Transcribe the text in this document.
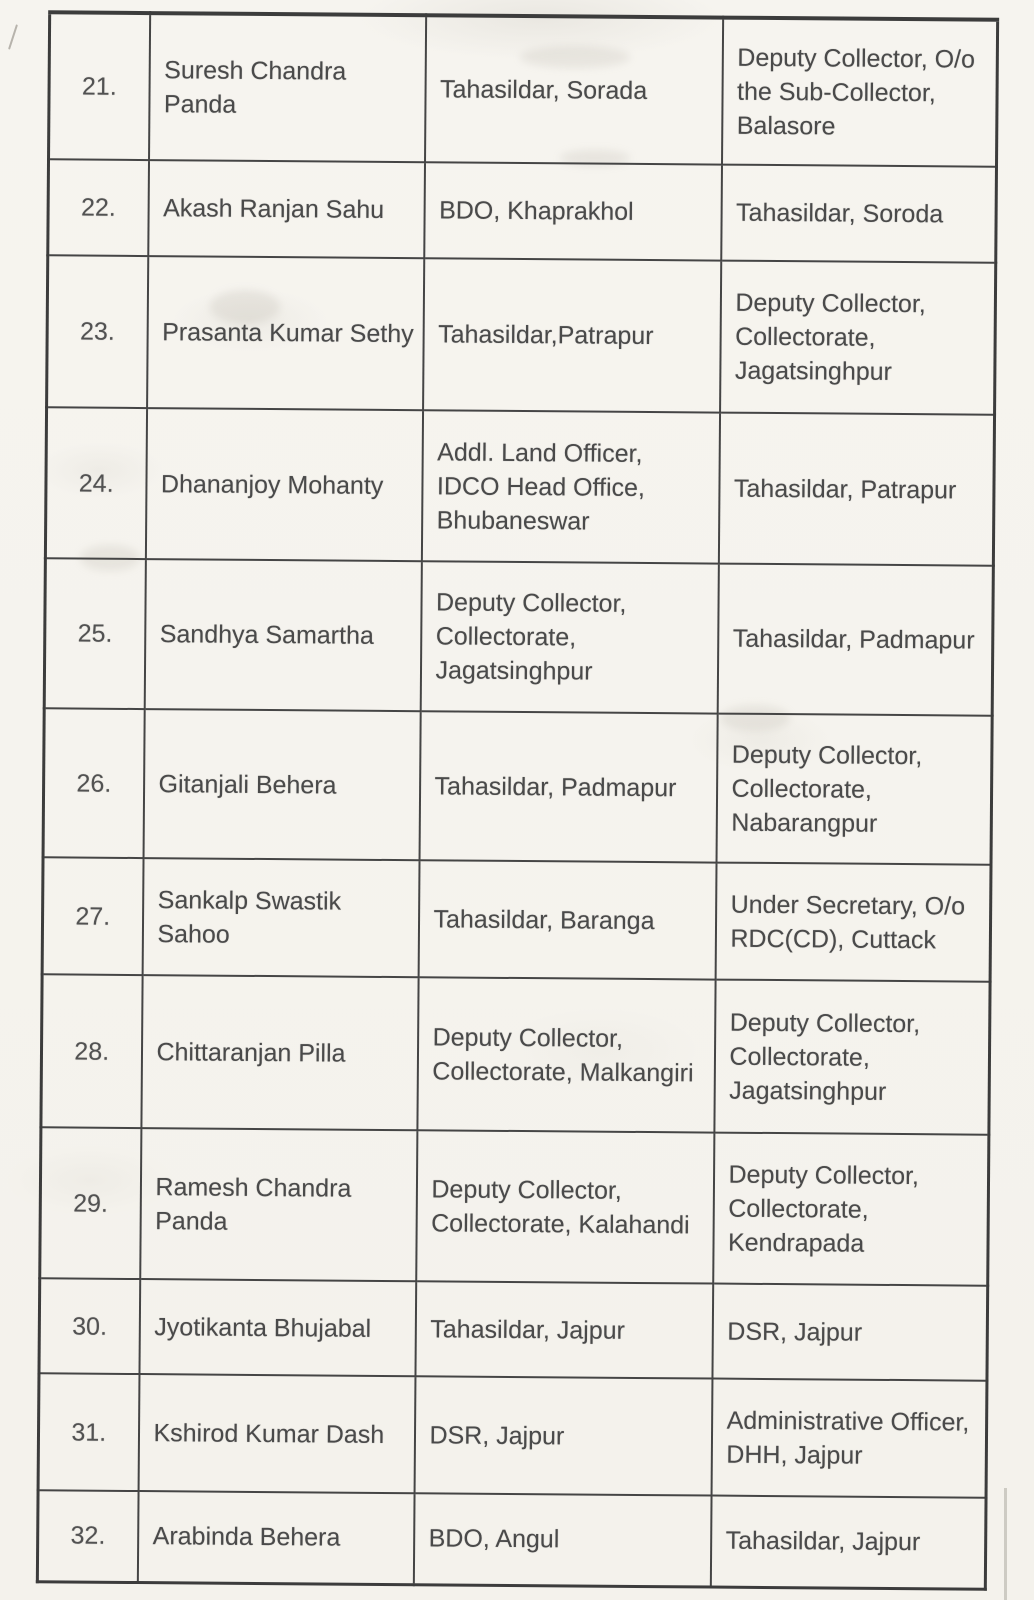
21.	Suresh Chandra
Panda	Tahasildar, Sorada	Deputy Collector, O/o
the Sub-Collector,
Balasore
22.	Akash Ranjan Sahu	BDO, Khaprakhol	Tahasildar, Soroda
23.	Prasanta Kumar Sethy	Tahasildar,Patrapur	Deputy Collector,
Collectorate,
Jagatsinghpur
24.	Dhananjoy Mohanty	Addl. Land Officer,
IDCO Head Office,
Bhubaneswar	Tahasildar, Patrapur
25.	Sandhya Samartha	Deputy Collector,
Collectorate,
Jagatsinghpur	Tahasildar, Padmapur
26.	Gitanjali Behera	Tahasildar, Padmapur	Deputy Collector,
Collectorate,
Nabarangpur
27.	Sankalp Swastik
Sahoo	Tahasildar, Baranga	Under Secretary, O/o
RDC(CD), Cuttack
28.	Chittaranjan Pilla	Deputy Collector,
Collectorate, Malkangiri	Deputy Collector,
Collectorate,
Jagatsinghpur
29.	Ramesh Chandra
Panda	Deputy Collector,
Collectorate, Kalahandi	Deputy Collector,
Collectorate,
Kendrapada
30.	Jyotikanta Bhujabal	Tahasildar, Jajpur	DSR, Jajpur
31.	Kshirod Kumar Dash	DSR, Jajpur	Administrative Officer,
DHH, Jajpur
32.	Arabinda Behera	BDO, Angul	Tahasildar, Jajpur
